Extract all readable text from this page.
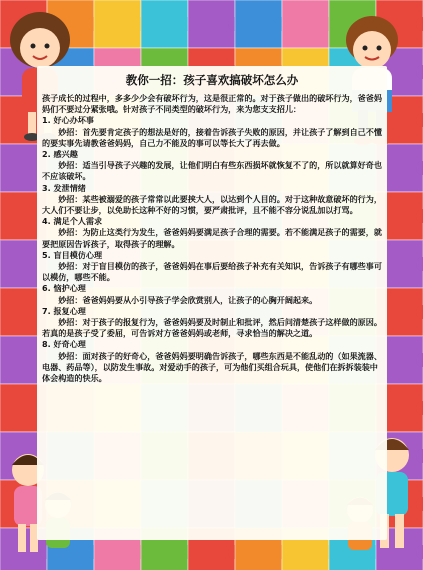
教你一招：孩子喜欢搞破坏怎么办

孩子成长的过程中，多多少少会有破坏行为，这是很正常的。对于孩子做出的破坏行为，爸爸妈妈们不要过分紧张哦。针对孩子不同类型的破坏行为，来为您支支招儿：

1. 好心办坏事

妙招：首先要肯定孩子的想法是好的，接着告诉孩子失败的原因，并让孩子了解到自己不懂的要实事先请教爸爸妈妈，自己力不能及的事可以等长大了再去做。

2. 感兴趣

妙招：适当引导孩子兴趣的发展，让他们明白有些东西损坏就恢复不了的，所以就算好奇也不应该破坏。

3. 发泄情绪

妙招：某些被溺爱的孩子常常以此要挟大人，以达到个人目的。对于这种故意破坏的行为，大人们不要让步，以免助长这种不好的习惯，要严肃批评，且不能不容分说乱加以打骂。

4. 满足个人需求

妙招：为防止这类行为发生，爸爸妈妈要满足孩子合理的需要。若不能满足孩子的需要，就要把原因告诉孩子，取得孩子的理解。

5. 盲目模仿心理

妙招：对于盲目模仿的孩子，爸爸妈妈在事后要给孩子补充有关知识，告诉孩子有哪些事可以模仿，哪些不能。

6. 恼护心理

妙招：爸爸妈妈要从小引导孩子学会欣赏别人，让孩子的心胸开阔起来。

7. 报复心理

妙招：对于孩子的报复行为，爸爸妈妈要及时制止和批评，然后问清楚孩子这样做的原因。若真的是孩子受了委屈，可告诉对方爸爸妈妈或老师，寻求恰当的解决之道。

8. 好奇心理

妙招：面对孩子的好奇心，爸爸妈妈要明确告诉孩子，哪些东西是不能乱动的（如果流器、电器、药品等），以防发生事故。对爱动手的孩子，可为他们买组合玩具，使他们在拆拆装装中体会构造的快乐。
